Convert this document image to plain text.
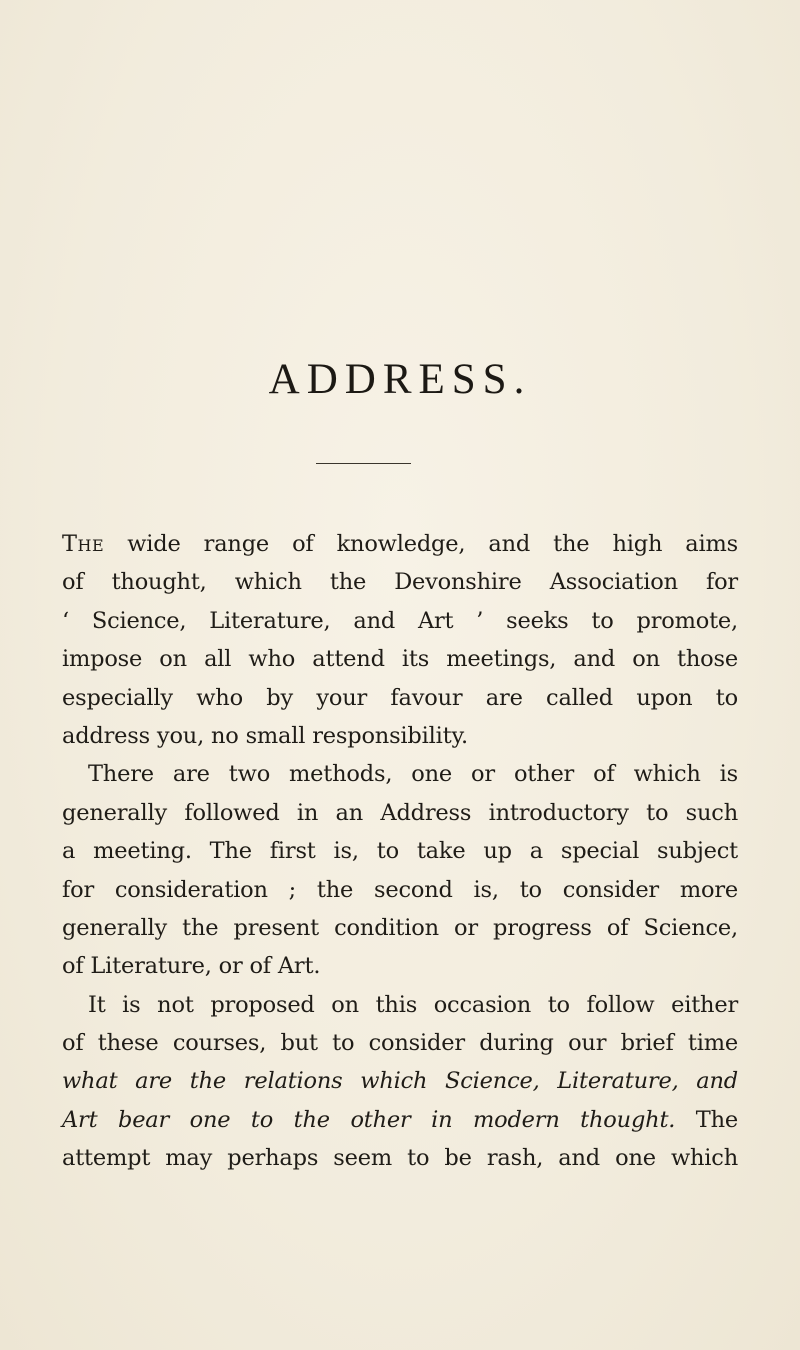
ADDRESS.
The wide range of knowledge, and the high aims
of thought, which the Devonshire Association for
‘ Science, Literature, and Art ’ seeks to promote,
impose on all who attend its meetings, and on those
especially who by your favour are called upon to
address you, no small responsibility.
There are two methods, one or other of which is
generally followed in an Address introductory to such
a meeting. The first is, to take up a special subject
for consideration ; the second is, to consider more
generally the present condition or progress of Science,
of Literature, or of Art.
It is not proposed on this occasion to follow either
of these courses, but to consider during our brief time
what are the relations which Science, Literature, and
Art bear one to the other in modern thought. The
attempt may perhaps seem to be rash, and one which
